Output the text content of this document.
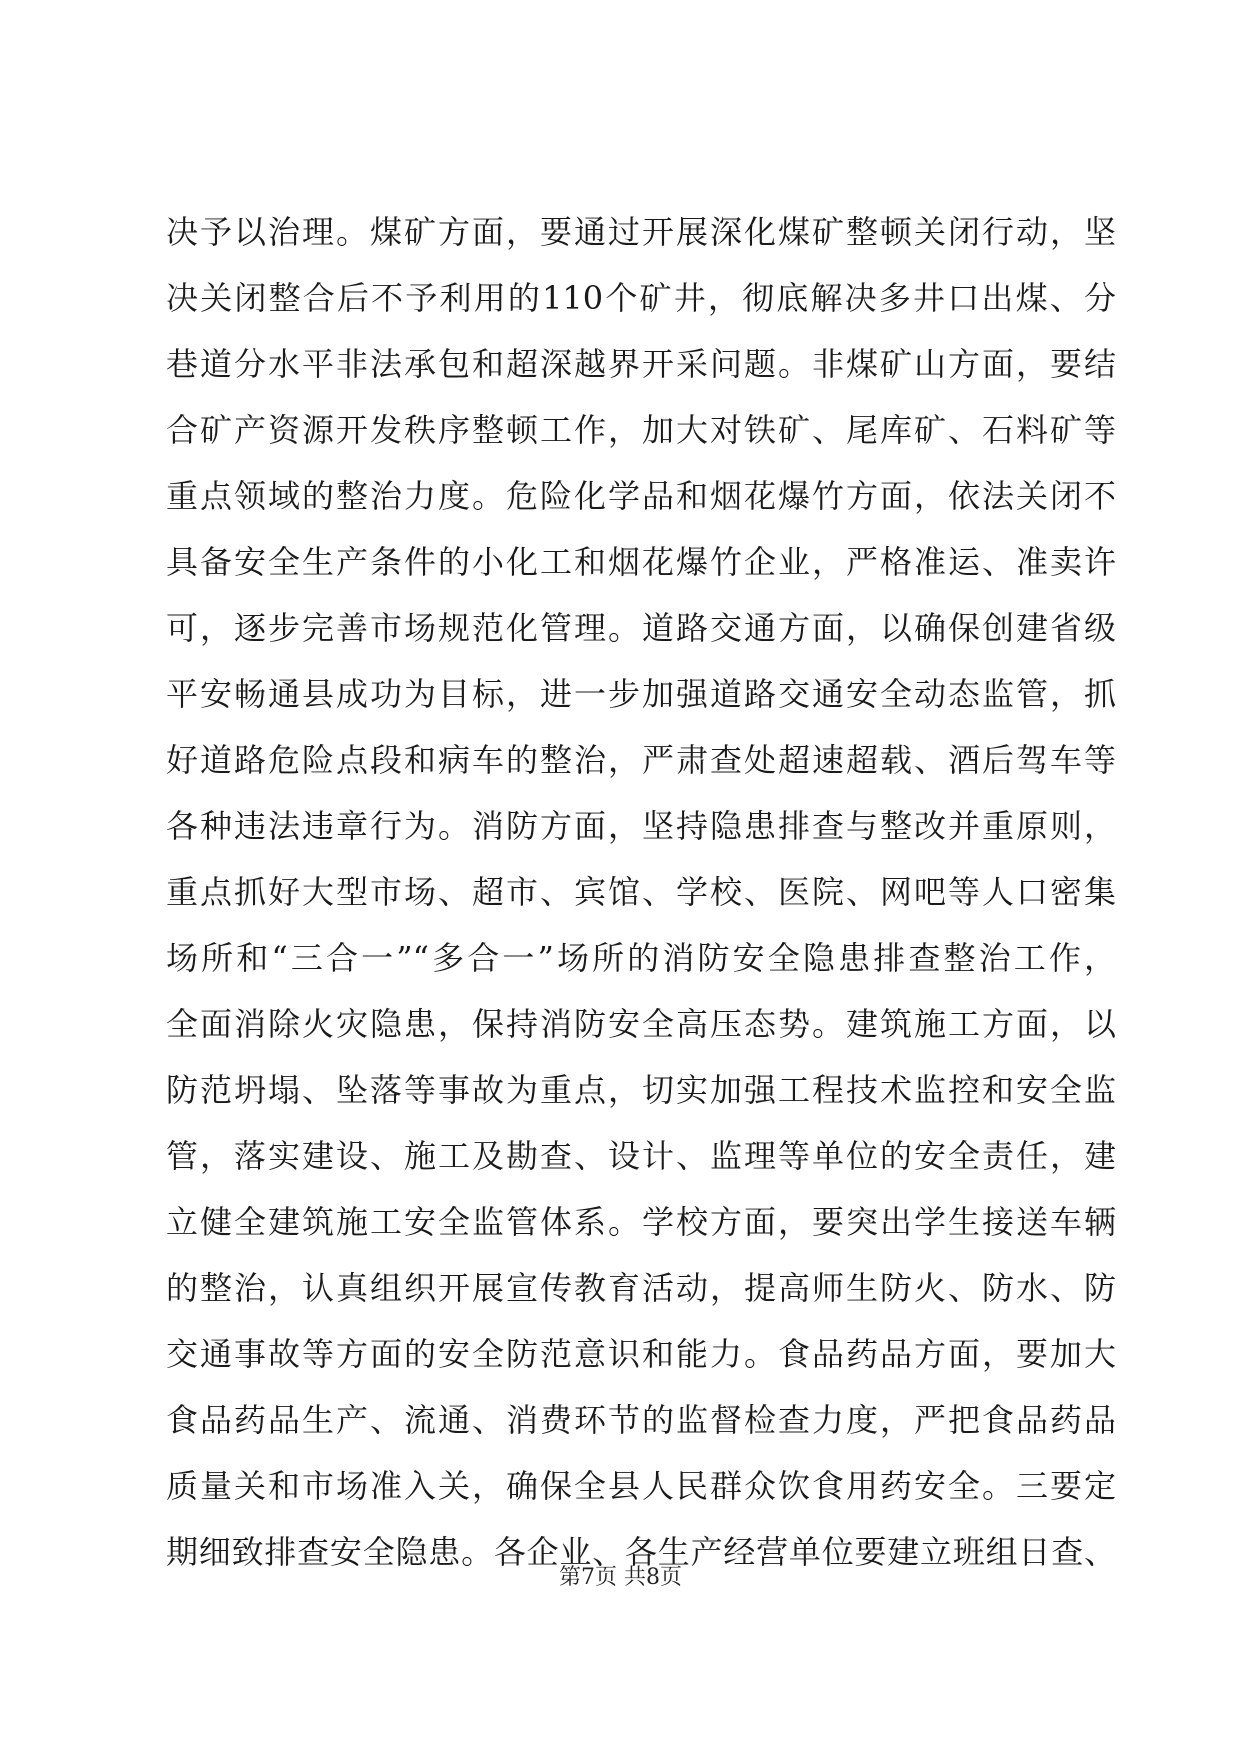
决予以治理。煤矿方面，要通过开展深化煤矿整顿关闭行动，坚
决关闭整合后不予利用的110个矿井，彻底解决多井口出煤、分
巷道分水平非法承包和超深越界开采问题。非煤矿山方面，要结
合矿产资源开发秩序整顿工作，加大对铁矿、尾库矿、石料矿等
重点领域的整治力度。危险化学品和烟花爆竹方面，依法关闭不
具备安全生产条件的小化工和烟花爆竹企业，严格准运、准卖许
可，逐步完善市场规范化管理。道路交通方面，以确保创建省级
平安畅通县成功为目标，进一步加强道路交通安全动态监管，抓
好道路危险点段和病车的整治，严肃查处超速超载、酒后驾车等
各种违法违章行为。消防方面，坚持隐患排查与整改并重原则，
重点抓好大型市场、超市、宾馆、学校、医院、网吧等人口密集
场所和“三合一”“多合一”场所的消防安全隐患排查整治工作，
全面消除火灾隐患，保持消防安全高压态势。建筑施工方面，以
防范坍塌、坠落等事故为重点，切实加强工程技术监控和安全监
管，落实建设、施工及勘查、设计、监理等单位的安全责任，建
立健全建筑施工安全监管体系。学校方面，要突出学生接送车辆
的整治，认真组织开展宣传教育活动，提高师生防火、防水、防
交通事故等方面的安全防范意识和能力。食品药品方面，要加大
食品药品生产、流通、消费环节的监督检查力度，严把食品药品
质量关和市场准入关，确保全县人民群众饮食用药安全。三要定
期细致排查安全隐患。各企业、各生产经营单位要建立班组日查、
第7页 共8页
